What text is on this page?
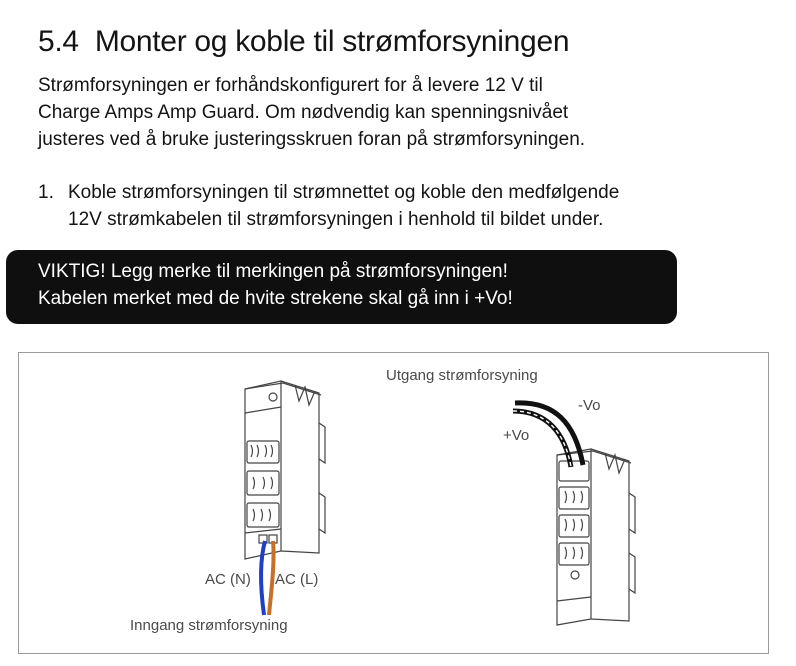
5.4 Monter og koble til strømforsyningen
Strømforsyningen er forhåndskonfigurert for å levere 12 V til
Charge Amps Amp Guard. Om nødvendig kan spenningsnivået
justeres ved å bruke justeringsskruen foran på strømforsyningen.
1. Koble strømforsyningen til strømnettet og koble den medfølgende
12V strømkabelen til strømforsyningen i henhold til bildet under.
VIKTIG! Legg merke til merkingen på strømforsyningen!
Kabelen merket med de hvite strekene skal gå inn i +Vo!
Utgang strømforsyning
-Vo
+Vo
AC (N) AC (L)
Inngang strømforsyning
